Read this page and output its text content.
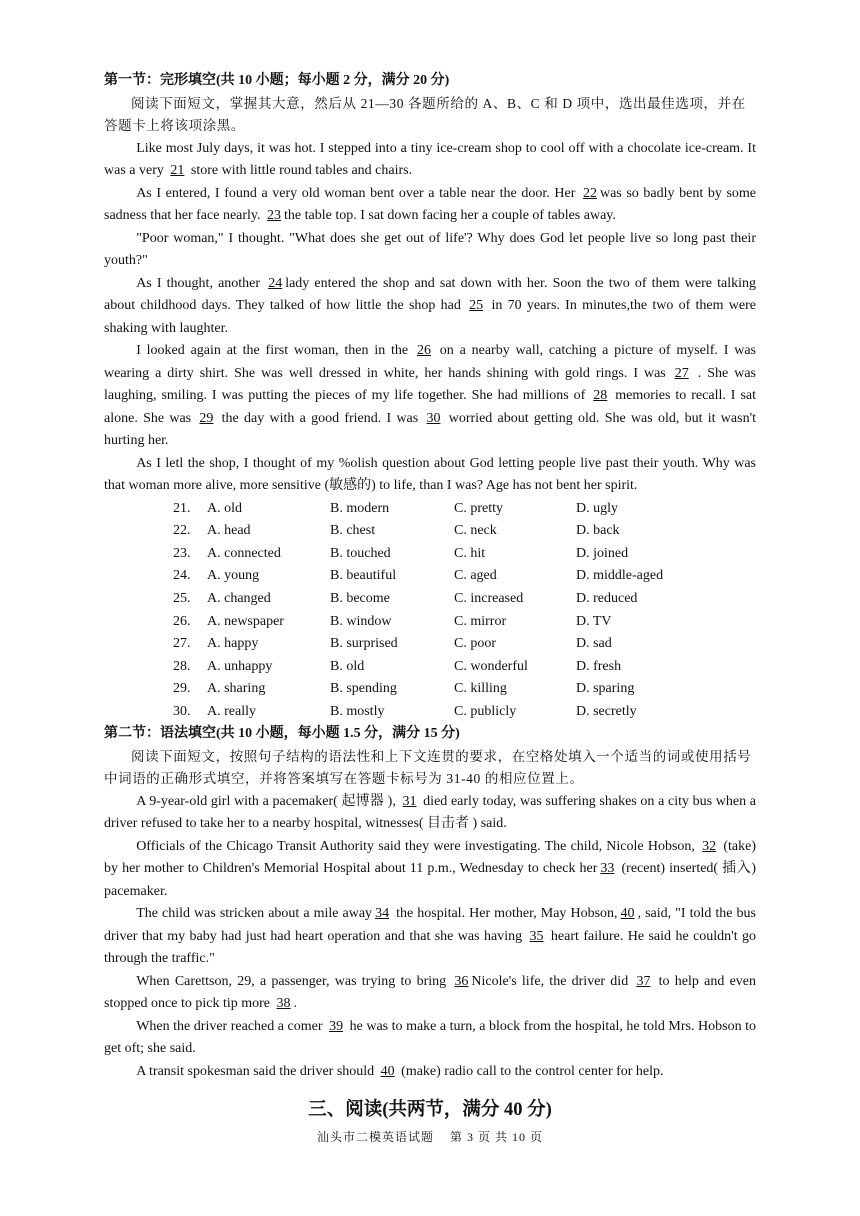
第一节：完形填空(共 10 小题；每小题 2 分，满分 20 分)

阅读下面短文，掌握其大意，然后从 21—30 各题所给的 A、B、C 和 D 项中，选出最佳选项，并在答题卡上将该项涂黑。

Like most July days, it was hot. I stepped into a tiny ice-cream shop to cool off with a chocolate ice-cream. It was a very 21 store with little round tables and chairs.

As I entered, I found a very old woman bent over a table near the door. Her 22 was so badly bent by some sadness that her face nearly. 23 the table top. I sat down facing her a couple of tables away.

"Poor woman," I thought. "What does she get out of life'? Why does God let people live so long past their youth?"

As I thought, another 24 lady entered the shop and sat down with her. Soon the two of them were talking about childhood days. They talked of how little the shop had 25 in 70 years. In minutes,the two of them were shaking with laughter.

I looked again at the first woman, then in the 26 on a nearby wall, catching a picture of myself. I was wearing a dirty shirt. She was well dressed in white, her hands shining with gold rings. I was 27 . She was laughing, smiling. I was putting the pieces of my life together. She had millions of 28 memories to recall. I sat alone. She was 29 the day with a good friend. I was 30 worried about getting old. She was old, but it wasn't hurting her.

As I letl the shop, I thought of my %olish question about God letting people live past their youth. Why was that woman more alive, more sensitive (敏感的) to life, than I was? Age has not bent her spirit.

21.	A. old	B. modern	C. pretty	D. ugly
22.	A. head	B. chest	C. neck	D. back
23.	A. connected	B. touched	C. hit	D. joined
24.	A. young	B. beautiful	C. aged	D. middle-aged
25.	A. changed	B. become	C. increased	D. reduced
26.	A. newspaper	B. window	C. mirror	D. TV
27.	A. happy	B. surprised	C. poor	D. sad
28.	A. unhappy	B. old	C. wonderful	D. fresh
29.	A. sharing	B. spending	C. killing	D. sparing
30.	A. really	B. mostly	C. publicly	D. secretly

第二节：语法填空(共 10 小题，每小题 1.5 分，满分 15 分)

阅读下面短文，按照句子结构的语法性和上下文连贯的要求，在空格处填入一个适当的词或使用括号中词语的正确形式填空，并将答案填写在答题卡标号为 31-40 的相应位置上。

A 9-year-old girl with a pacemaker( 起博器 ), 31 died early today, was suffering shakes on a city bus when a driver refused to take her to a nearby hospital, witnesses( 目击者 ) said.

Officials of the Chicago Transit Authority said they were investigating. The child, Nicole Hobson, 32 (take) by her mother to Children's Memorial Hospital about 11 p.m., Wednesday to check her 33 (recent) inserted( 插入) pacemaker.

The child was stricken about a mile away 34 the hospital. Her mother, May Hobson, 40 , said, "I told the bus driver that my baby had just had heart operation and that she was having 35 heart failure. He said he couldn't go through the traffic."

When Carettson, 29, a passenger, was trying to bring 36 Nicole's life, the driver did 37 to help and even stopped once to pick tip more 38 .

When the driver reached a comer 39 he was to make a turn, a block from the hospital, he told Mrs. Hobson to get oft; she said.

A transit spokesman said the driver should 40 (make) radio call to the control center for help.

三、阅读(共两节，满分 40 分)

汕头市二模英语试题 第 3 页 共 10 页
